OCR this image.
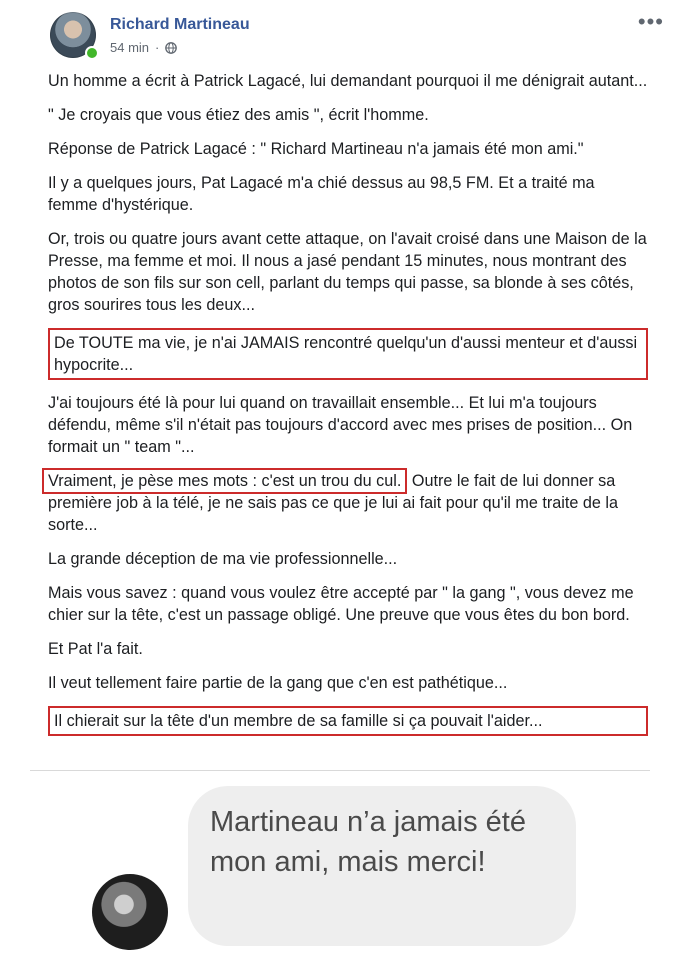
Richard Martineau
54 min ·
•••

Un homme a écrit à Patrick Lagacé, lui demandant pourquoi il me dénigrait autant...

" Je croyais que vous étiez des amis ", écrit l'homme.

Réponse de Patrick Lagacé : " Richard Martineau n'a jamais été mon ami."

Il y a quelques jours, Pat Lagacé m'a chié dessus au 98,5 FM. Et a traité ma femme d'hystérique.

Or, trois ou quatre jours avant cette attaque, on l'avait croisé dans une Maison de la Presse, ma femme et moi. Il nous a jasé pendant 15 minutes, nous montrant des photos de son fils sur son cell, parlant du temps qui passe, sa blonde à ses côtés, gros sourires tous les deux...

De TOUTE ma vie, je n'ai JAMAIS rencontré quelqu'un d'aussi menteur et d'aussi hypocrite...

J'ai toujours été là pour lui quand on travaillait ensemble... Et lui m'a toujours défendu, même s'il n'était pas toujours d'accord avec mes prises de position... On formait un " team "...

Vraiment, je pèse mes mots : c'est un trou du cul. Outre le fait de lui donner sa première job à la télé, je ne sais pas ce que je lui ai fait pour qu'il me traite de la sorte...

La grande déception de ma vie professionnelle...

Mais vous savez : quand vous voulez être accepté par " la gang ", vous devez me chier sur la tête, c'est un passage obligé. Une preuve que vous êtes du bon bord.

Et Pat l'a fait.

Il veut tellement faire partie de la gang que c'en est pathétique...

Il chierait sur la tête d'un membre de sa famille si ça pouvait l'aider...

Martineau n’a jamais été mon ami, mais merci!
